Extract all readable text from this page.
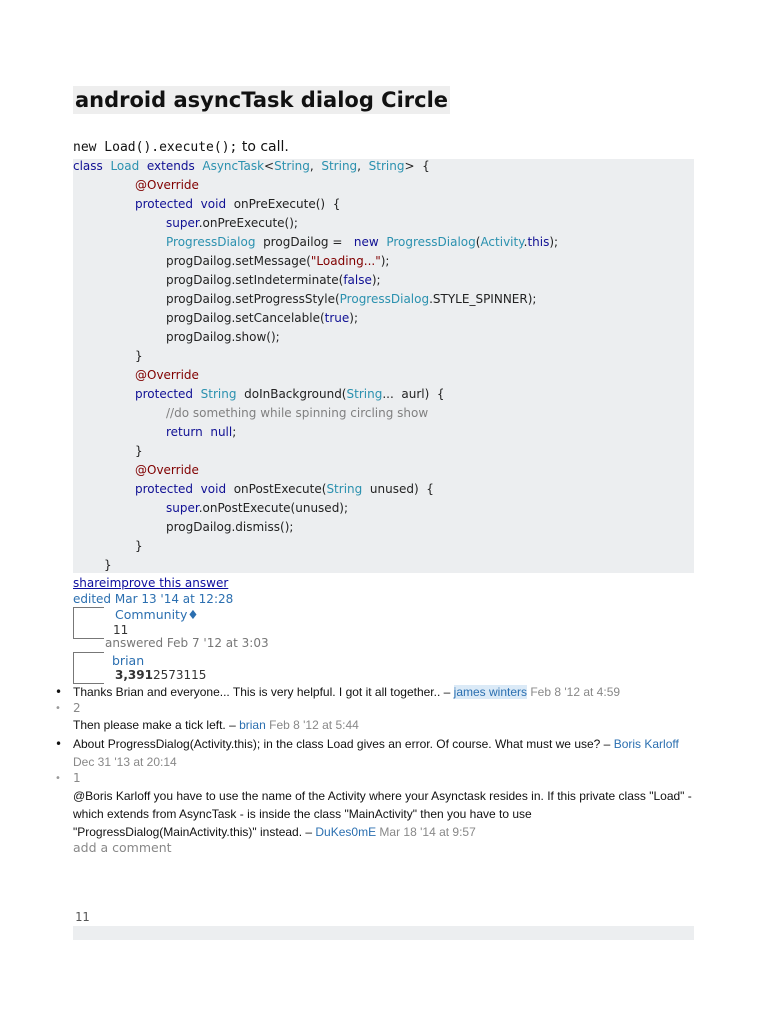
android asyncTask dialog Circle
new Load().execute(); to call.
class Load extends AsyncTask<String,  String,  String>  {
@Override
protected void  onPreExecute()  {
super.onPreExecute();
ProgressDialog  progDailog =   new ProgressDialog(Activity.this);
progDailog.setMessage("Loading...");
progDailog.setIndeterminate(false);
progDailog.setProgressStyle(ProgressDialog.STYLE_SPINNER);
progDailog.setCancelable(true);
progDailog.show();
}
@Override
protected String  doInBackground(String...  aurl)  {
//do something while spinning circling show
return null;
}
@Override
protected void  onPostExecute(String  unused)  {
super.onPostExecute(unused);
progDailog.dismiss();
}
}
shareimprove this answer
edited Mar 13 '14 at 12:28
Community♦
11
answered Feb 7 '12 at 3:03
brian
3,3912573115
• Thanks Brian and everyone... This is very helpful. I got it all together.. – james winters Feb 8 '12 at 4:59
• 2
Then please make a tick left. – brian Feb 8 '12 at 5:44
• About ProgressDialog(Activity.this); in the class Load gives an error. Of course. What must we use? – Boris Karloff Dec 31 '13 at 20:14
• 1
@Boris Karloff you have to use the name of the Activity where your Asynctask resides in. If this private class "Load" - which extends from AsyncTask - is inside the class "MainActivity" then you have to use "ProgressDialog(MainActivity.this)" instead. – DuKes0mE Mar 18 '14 at 9:57
add a comment
11
